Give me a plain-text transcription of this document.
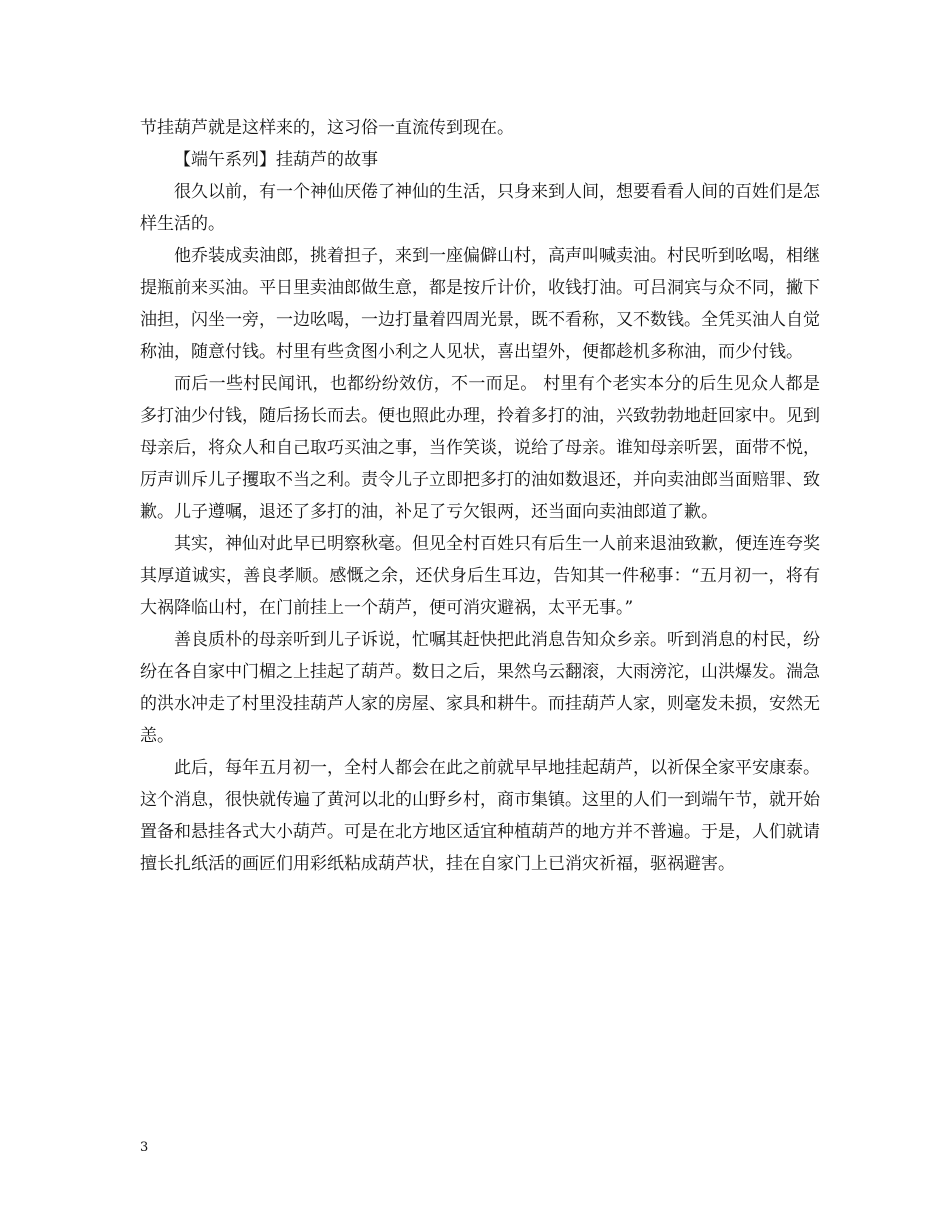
节挂葫芦就是这样来的，这习俗一直流传到现在。

【端午系列】挂葫芦的故事

很久以前，有一个神仙厌倦了神仙的生活，只身来到人间，想要看看人间的百姓们是怎样生活的。

他乔装成卖油郎，挑着担子，来到一座偏僻山村，高声叫喊卖油。村民听到吆喝，相继提瓶前来买油。平日里卖油郎做生意，都是按斤计价，收钱打油。可吕洞宾与众不同，撇下油担，闪坐一旁，一边吆喝，一边打量着四周光景，既不看称，又不数钱。全凭买油人自觉称油，随意付钱。村里有些贪图小利之人见状，喜出望外，便都趁机多称油，而少付钱。

而后一些村民闻讯，也都纷纷效仿，不一而足。 村里有个老实本分的后生见众人都是多打油少付钱，随后扬长而去。便也照此办理，拎着多打的油，兴致勃勃地赶回家中。见到母亲后，将众人和自己取巧买油之事，当作笑谈，说给了母亲。谁知母亲听罢，面带不悦，厉声训斥儿子攫取不当之利。责令儿子立即把多打的油如数退还，并向卖油郎当面赔罪、致歉。儿子遵嘱，退还了多打的油，补足了亏欠银两，还当面向卖油郎道了歉。

其实，神仙对此早已明察秋毫。但见全村百姓只有后生一人前来退油致歉，便连连夸奖其厚道诚实，善良孝顺。感慨之余，还伏身后生耳边，告知其一件秘事：“五月初一，将有大祸降临山村，在门前挂上一个葫芦，便可消灾避祸，太平无事。”

善良质朴的母亲听到儿子诉说，忙嘱其赶快把此消息告知众乡亲。听到消息的村民，纷纷在各自家中门楣之上挂起了葫芦。数日之后，果然乌云翻滚，大雨滂沱，山洪爆发。湍急的洪水冲走了村里没挂葫芦人家的房屋、家具和耕牛。而挂葫芦人家，则毫发未损，安然无恙。

此后，每年五月初一，全村人都会在此之前就早早地挂起葫芦，以祈保全家平安康泰。这个消息，很快就传遍了黄河以北的山野乡村，商市集镇。这里的人们一到端午节，就开始置备和悬挂各式大小葫芦。可是在北方地区适宜种植葫芦的地方并不普遍。于是，人们就请擅长扎纸活的画匠们用彩纸粘成葫芦状，挂在自家门上已消灾祈福，驱祸避害。

3
